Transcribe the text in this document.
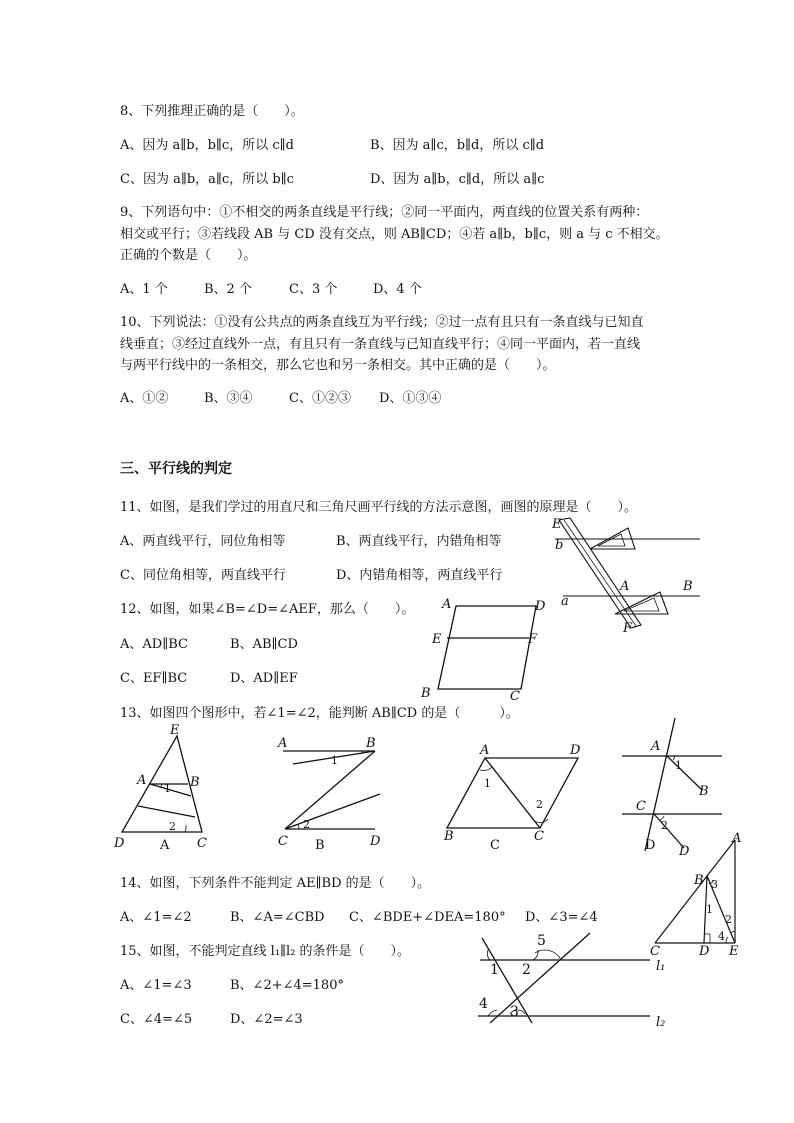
8、下列推理正确的是（　　）。
A、因为 a∥b，b∥c，所以 c∥d	B、因为 a∥c，b∥d，所以 c∥d
C、因为 a∥b，a∥c，所以 b∥c	D、因为 a∥b，c∥d，所以 a∥c
9、下列语句中：①不相交的两条直线是平行线；②同一平面内，两直线的位置关系有两种：
相交或平行；③若线段 AB 与 CD 没有交点，则 AB∥CD；④若 a∥b，b∥c，则 a 与 c 不相交。
正确的个数是（　　）。
A、1 个	B、2 个	C、3 个	D、4 个
10、下列说法：①没有公共点的两条直线互为平行线；②过一点有且只有一条直线与已知直
线垂直；③经过直线外一点，有且只有一条直线与已知直线平行；④同一平面内，若一直线
与两平行线中的一条相交，那么它也和另一条相交。其中正确的是（　　）。
A、①②	B、③④	C、①②③ D、①③④
三、平行线的判定
11、如图，是我们学过的用直尺和三角尺画平行线的方法示意图，画图的原理是（　　）。
A、两直线平行，同位角相等	B、两直线平行，内错角相等
C、同位角相等，两直线平行	D、内错角相等，两直线平行
E
b
A	B
a
F
12、如图，如果∠B=∠D=∠AEF，那么（　　）。
A、AD∥BC	B、AB∥CD
C、EF∥BC	D、AD∥EF
A	D
E	F
B	C
13、如图四个图形中，若∠1=∠2，能判断 AB∥CD 的是（　　　）。
E
A	B
D	C
1
2
A
A	B
C	D
1
2
B
A	D
B	C
1
2
C
A
B
C
D
1
2
D
14、如图，下列条件不能判定 AE∥BD 的是（　　）。
A、∠1=∠2	B、∠A=∠CBD C、∠BDE+∠DEA=180° D、∠3=∠4
A
B
C	D E
1
2
3
4
15、如图，不能判定直线 l₁∥l₂ 的条件是（　　）。
A、∠1=∠3	B、∠2+∠4=180°
C、∠4=∠5	D、∠2=∠3
1 2
3
4
5
l₁
l₂
